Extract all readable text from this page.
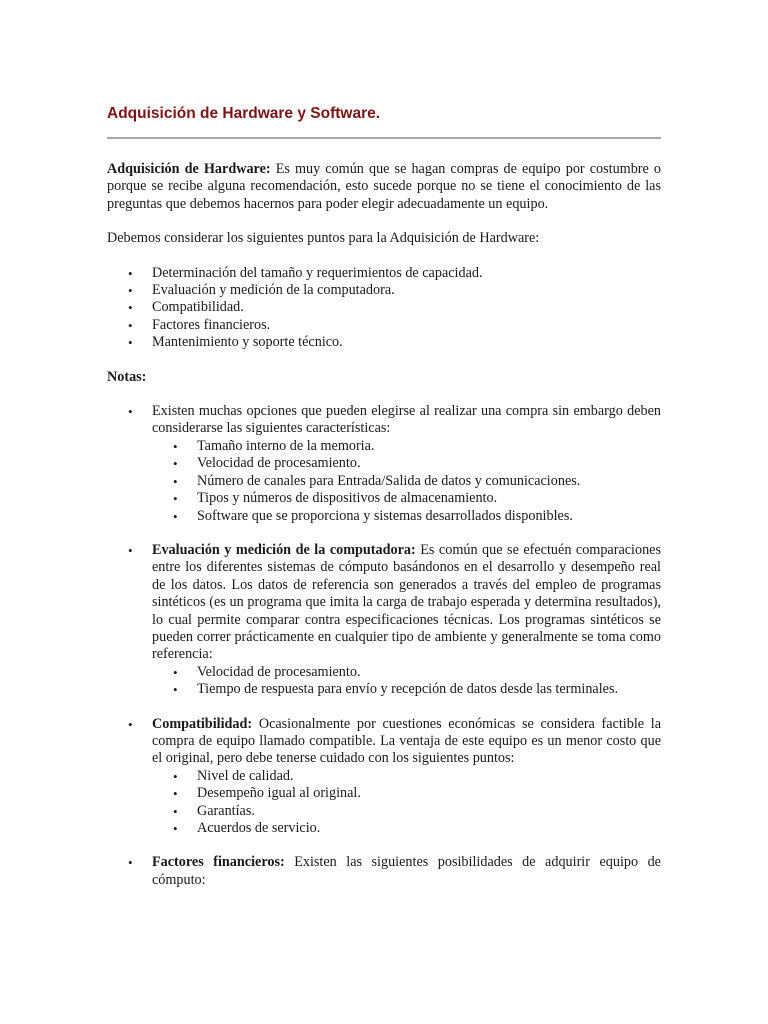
Adquisición de Hardware y Software.

Adquisición de Hardware: Es muy común que se hagan compras de equipo por costumbre o porque se recibe alguna recomendación, esto sucede porque no se tiene el conocimiento de las preguntas que debemos hacernos para poder elegir adecuadamente un equipo.

Debemos considerar los siguientes puntos para la Adquisición de Hardware:

• Determinación del tamaño y requerimientos de capacidad.
• Evaluación y medición de la computadora.
• Compatibilidad.
• Factores financieros.
• Mantenimiento y soporte técnico.

Notas:

• Existen muchas opciones que pueden elegirse al realizar una compra sin embargo deben considerarse las siguientes características:
• Tamaño interno de la memoria.
• Velocidad de procesamiento.
• Número de canales para Entrada/Salida de datos y comunicaciones.
• Tipos y números de dispositivos de almacenamiento.
• Software que se proporciona y sistemas desarrollados disponibles.
• Evaluación y medición de la computadora: Es común que se efectuén comparaciones entre los diferentes sistemas de cómputo basándonos en el desarrollo y desempeño real de los datos. Los datos de referencia son generados a través del empleo de programas sintéticos (es un programa que imita la carga de trabajo esperada y determina resultados), lo cual permite comparar contra especificaciones técnicas. Los programas sintéticos se pueden correr prácticamente en cualquier tipo de ambiente y generalmente se toma como referencia:
• Velocidad de procesamiento.
• Tiempo de respuesta para envío y recepción de datos desde las terminales.
• Compatibilidad: Ocasionalmente por cuestiones económicas se considera factible la compra de equipo llamado compatible. La ventaja de este equipo es un menor costo que el original, pero debe tenerse cuidado con los siguientes puntos:
• Nivel de calidad.
• Desempeño igual al original.
• Garantías.
• Acuerdos de servicio.
• Factores financieros: Existen las siguientes posibilidades de adquirir equipo de cómputo:
